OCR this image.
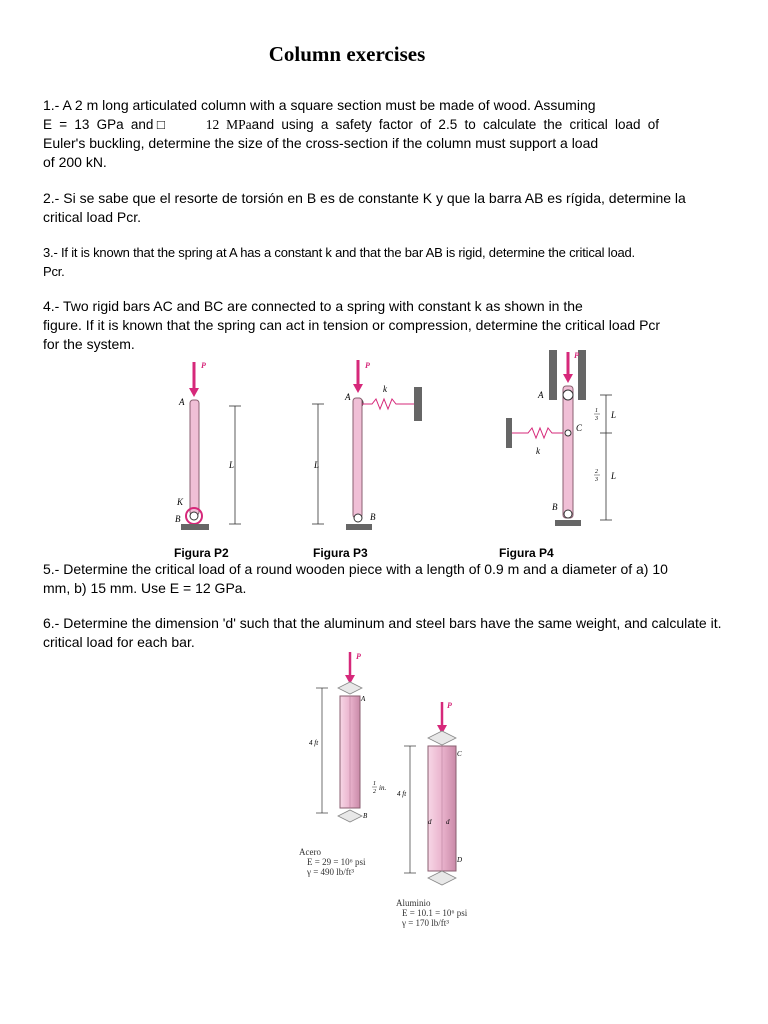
Column exercises
1.- A 2 m long articulated column with a square section must be made of wood. Assuming
E = 13 GPa and□	12 MPaand using a safety factor of 2.5 to calculate the critical load of
Euler's buckling, determine the size of the cross-section if the column must support a load
of 200 kN.
2.- Si se sabe que el resorte de torsión en B es de constante K y que la barra AB es rígida, determine la
critical load Pcr.
3.- If it is known that the spring at A has a constant k and that the bar AB is rigid, determine the critical load.
Pcr.
4.- Two rigid bars AC and BC are connected to a spring with constant k as shown in the
figure. If it is known that the spring can act in tension or compression, determine the critical load Pcr
for the system.
P
A
K
B
L
Figura P2
P
A
k
B
L
Figura P3
P
A
C
k
B
1
3 L
2
3 L
Figura P4
5.- Determine the critical load of a round wooden piece with a length of 0.9 m and a diameter of a) 10
mm, b) 15 mm. Use E = 12 GPa.
6.- Determine the dimension 'd' such that the aluminum and steel bars have the same weight, and calculate it.
critical load for each bar.
P
A
B
4 ft
1
2 in.
P
C
D
d d
4 ft
Acero
E = 29 = 10⁶ psi
γ = 490 lb/ft³
Aluminio
E = 10.1 = 10⁶ psi
γ = 170 lb/ft³
